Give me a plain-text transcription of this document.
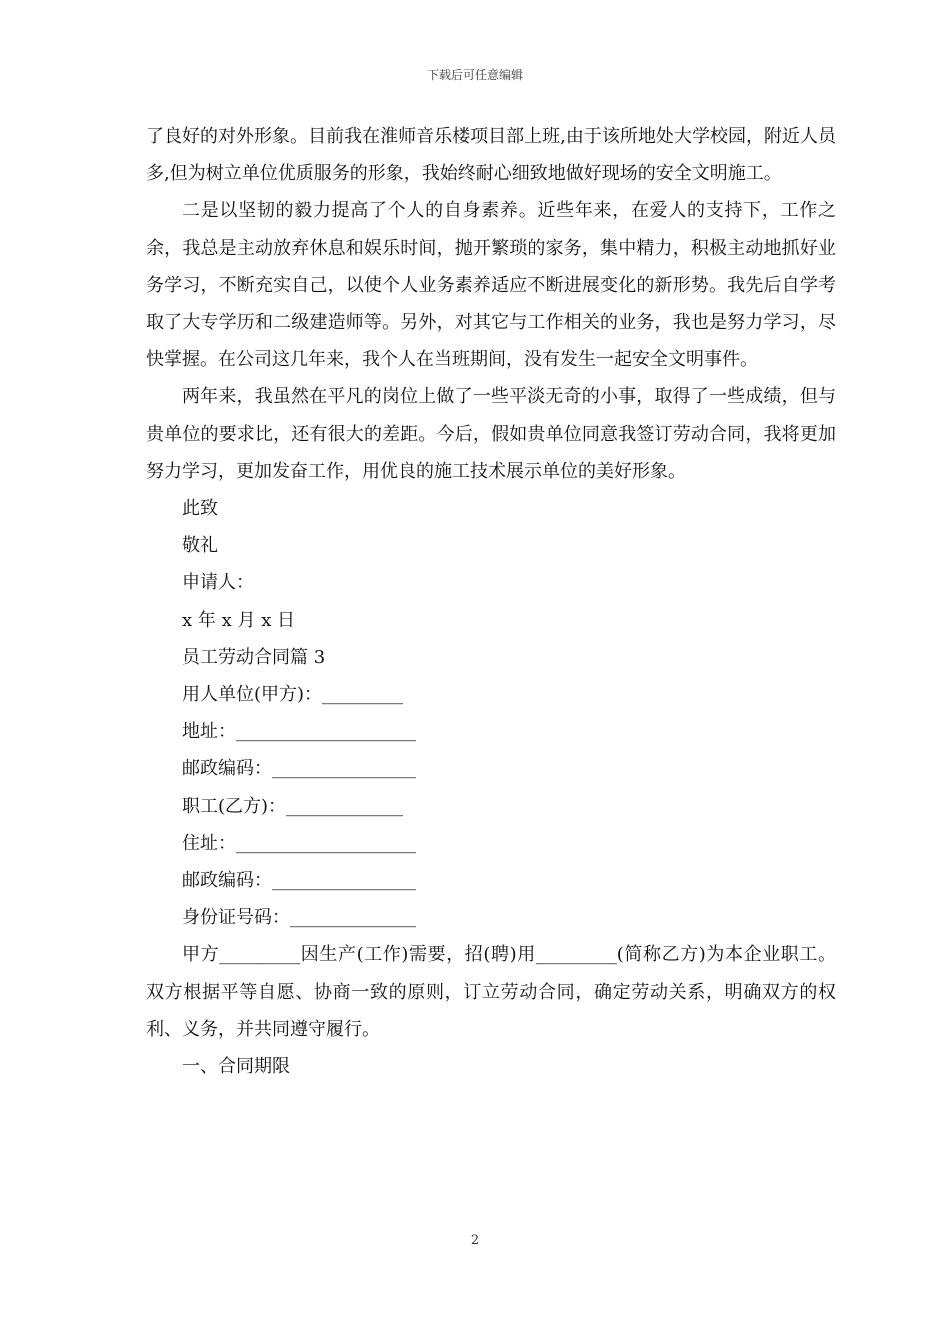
下载后可任意编辑

了良好的对外形象。目前我在淮师音乐楼项目部上班,由于该所地处大学校园，附近人员多,但为树立单位优质服务的形象，我始终耐心细致地做好现场的安全文明施工。

二是以坚韧的毅力提高了个人的自身素养。近些年来，在爱人的支持下，工作之余，我总是主动放弃休息和娱乐时间，抛开繁琐的家务，集中精力，积极主动地抓好业务学习，不断充实自己，以使个人业务素养适应不断进展变化的新形势。我先后自学考取了大专学历和二级建造师等。另外，对其它与工作相关的业务，我也是努力学习，尽快掌握。在公司这几年来，我个人在当班期间，没有发生一起安全文明事件。

两年来，我虽然在平凡的岗位上做了一些平淡无奇的小事，取得了一些成绩，但与贵单位的要求比，还有很大的差距。今后，假如贵单位同意我签订劳动合同，我将更加努力学习，更加发奋工作，用优良的施工技术展示单位的美好形象。

此致

敬礼

申请人：

x 年 x 月 x 日

员工劳动合同篇 3

用人单位(甲方)：_________

地址：____________________

邮政编码：________________

职工(乙方)：_____________

住址：____________________

邮政编码：________________

身份证号码：______________

甲方_________因生产(工作)需要，招(聘)用_________(简称乙方)为本企业职工。双方根据平等自愿、协商一致的原则，订立劳动合同，确定劳动关系，明确双方的权利、义务，并共同遵守履行。

一、合同期限

2
